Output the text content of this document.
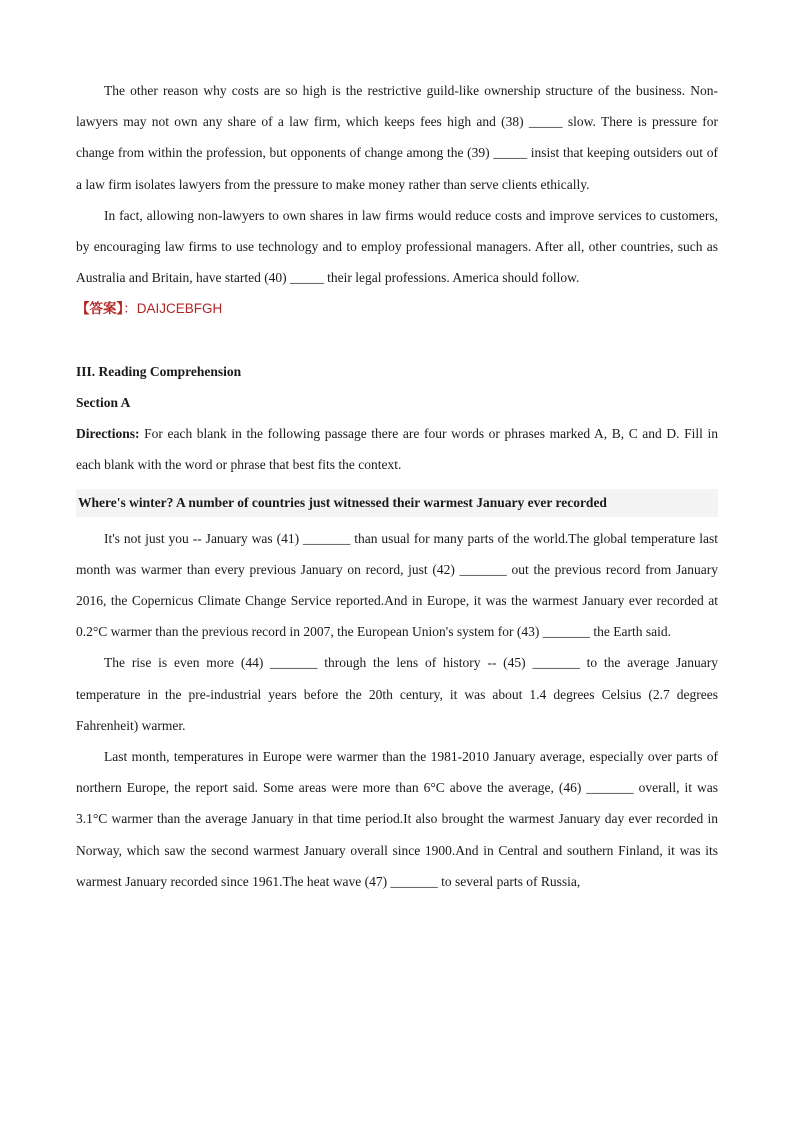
The other reason why costs are so high is the restrictive guild-like ownership structure of the business. Non-lawyers may not own any share of a law firm, which keeps fees high and (38) _____ slow. There is pressure for change from within the profession, but opponents of change among the (39) _____ insist that keeping outsiders out of a law firm isolates lawyers from the pressure to make money rather than serve clients ethically.

In fact, allowing non-lawyers to own shares in law firms would reduce costs and improve services to customers, by encouraging law firms to use technology and to employ professional managers. After all, other countries, such as Australia and Britain, have started (40) _____ their legal professions. America should follow.

【答案】：DAIJCEBFGH

III. Reading Comprehension
Section A

Directions: For each blank in the following passage there are four words or phrases marked A, B, C and D. Fill in each blank with the word or phrase that best fits the context.

Where's winter? A number of countries just witnessed their warmest January ever recorded

It's not just you -- January was (41) _______ than usual for many parts of the world.The global temperature last month was warmer than every previous January on record, just (42) _______ out the previous record from January 2016, the Copernicus Climate Change Service reported.And in Europe, it was the warmest January ever recorded at 0.2°C warmer than the previous record in 2007, the European Union's system for (43) _______ the Earth said.

The rise is even more (44) _______ through the lens of history -- (45) _______ to the average January temperature in the pre-industrial years before the 20th century, it was about 1.4 degrees Celsius (2.7 degrees Fahrenheit) warmer.

Last month, temperatures in Europe were warmer than the 1981-2010 January average, especially over parts of northern Europe, the report said. Some areas were more than 6°C above the average, (46) _______ overall, it was 3.1°C warmer than the average January in that time period.It also brought the warmest January day ever recorded in Norway, which saw the second warmest January overall since 1900.And in Central and southern Finland, it was its warmest January recorded since 1961.The heat wave (47) _______ to several parts of Russia,
